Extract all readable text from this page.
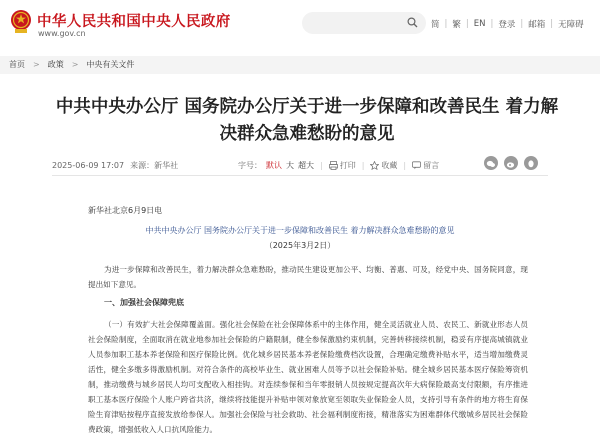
中华人民共和国中央人民政府
www.gov.cn
简 | 繁 | EN | 登录 | 邮箱 | 无障碍
首页 > 政策 > 中央有关文件
中共中央办公厅 国务院办公厅关于进一步保障和改善民生 着力解决群众急难愁盼的意见
2025-06-09 17:07 来源： 新华社	字号： 默认 大 超大 | 打印 | 收藏 | 留言
新华社北京6月9日电
中共中央办公厅 国务院办公厅关于进一步保障和改善民生 着力解决群众急难愁盼的意见
（2025年3月2日）
为进一步保障和改善民生，着力解决群众急难愁盼，推动民生建设更加公平、均衡、普惠、可及，经党中央、国务院同意，现提出如下意见。
一、加强社会保障兜底
（一）有效扩大社会保障覆盖面。强化社会保险在社会保障体系中的主体作用，健全灵活就业人员、农民工、新就业形态人员社会保险制度，全面取消在就业地参加社会保险的户籍限制，健全参保激励约束机制，完善转移接续机制，稳妥有序提高城镇就业人员参加职工基本养老保险和医疗保险比例。优化城乡居民基本养老保险缴费档次设置，合理确定缴费补贴水平，适当增加缴费灵活性，健全多缴多得激励机制。对符合条件的高校毕业生、就业困难人员等予以社会保险补贴。健全城乡居民基本医疗保险筹资机制，推动缴费与城乡居民人均可支配收入相挂钩。对连续参保和当年零报销人员按规定提高次年大病保险最高支付限额，有序推进职工基本医疗保险个人账户跨省共济，继续将技能提升补贴申领对象放宽至领取失业保险金人员，支持引导有条件的地方将生育保险生育津贴按程序直接发放给参保人。加强社会保险与社会救助、社会福利制度衔接，精准落实为困难群体代缴城乡居民社会保险费政策，增强低收入人口抗风险能力。
